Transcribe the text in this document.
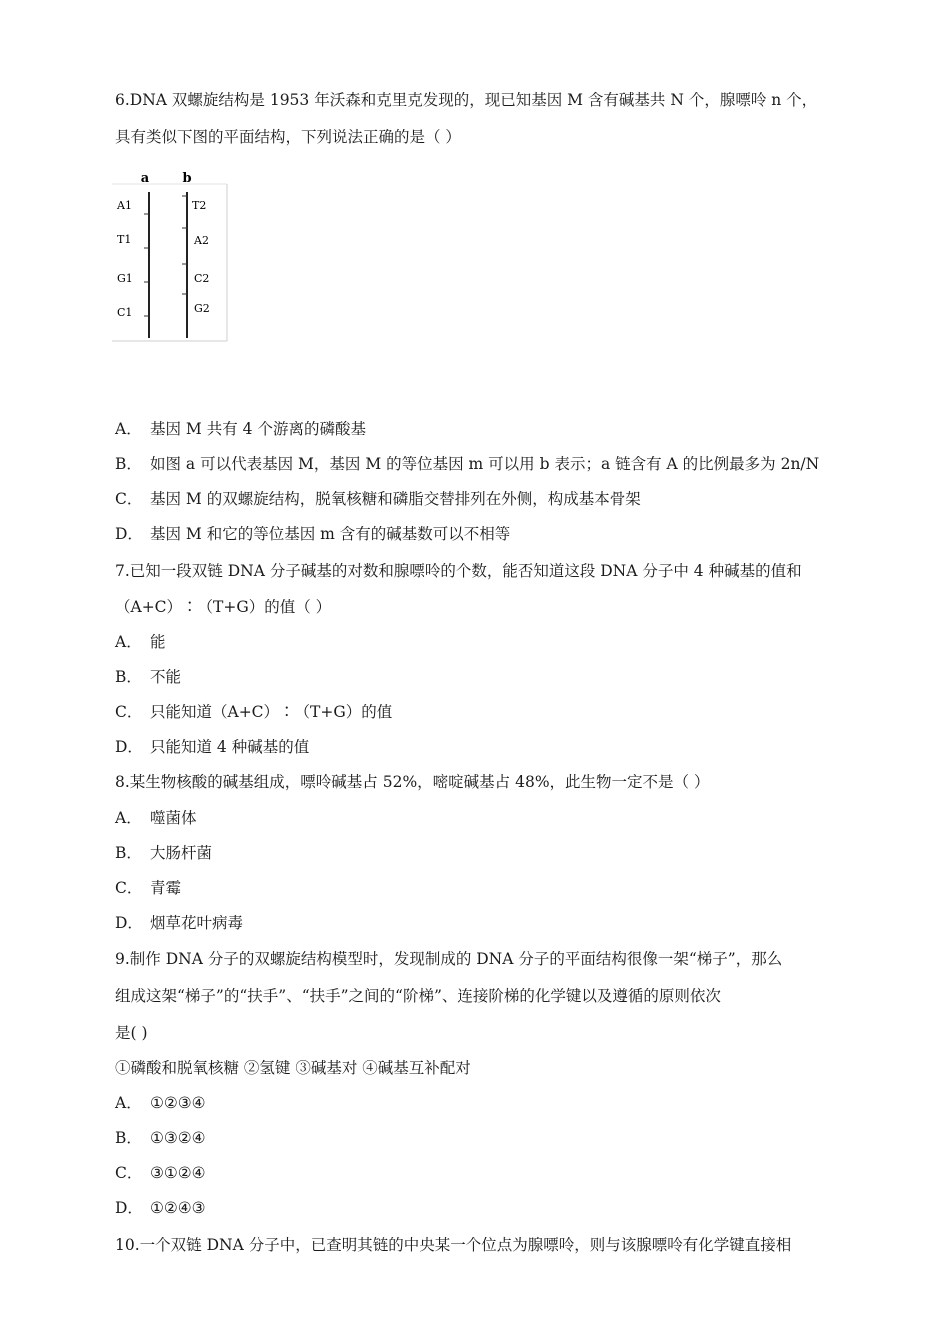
6.DNA 双螺旋结构是 1953 年沃森和克里克发现的，现已知基因 M 含有碱基共 N 个，腺嘌呤 n 个，
具有类似下图的平面结构，下列说法正确的是（ ）
a	b
A1
T1
G1
C1
T2
A2
C2
G2
A． 基因 M 共有 4 个游离的磷酸基
B． 如图 a 可以代表基因 M，基因 M 的等位基因 m 可以用 b 表示；a 链含有 A 的比例最多为 2n/N
C． 基因 M 的双螺旋结构，脱氧核糖和磷脂交替排列在外侧，构成基本骨架
D． 基因 M 和它的等位基因 m 含有的碱基数可以不相等
7.已知一段双链 DNA 分子碱基的对数和腺嘌呤的个数，能否知道这段 DNA 分子中 4 种碱基的值和
（A+C）∶（T+G）的值（ ）
A． 能
B． 不能
C． 只能知道（A+C）∶（T+G）的值
D． 只能知道 4 种碱基的值
8.某生物核酸的碱基组成，嘌呤碱基占 52%，嘧啶碱基占 48%，此生物一定不是（ ）
A． 噬菌体
B． 大肠杆菌
C． 青霉
D． 烟草花叶病毒
9.制作 DNA 分子的双螺旋结构模型时，发现制成的 DNA 分子的平面结构很像一架“梯子”，那么
组成这架“梯子”的“扶手”、“扶手”之间的“阶梯”、连接阶梯的化学键以及遵循的原则依次
是( )
①磷酸和脱氧核糖 ②氢键 ③碱基对 ④碱基互补配对
A． ①②③④
B． ①③②④
C． ③①②④
D． ①②④③
10.一个双链 DNA 分子中，已查明其链的中央某一个位点为腺嘌呤，则与该腺嘌呤有化学键直接相
